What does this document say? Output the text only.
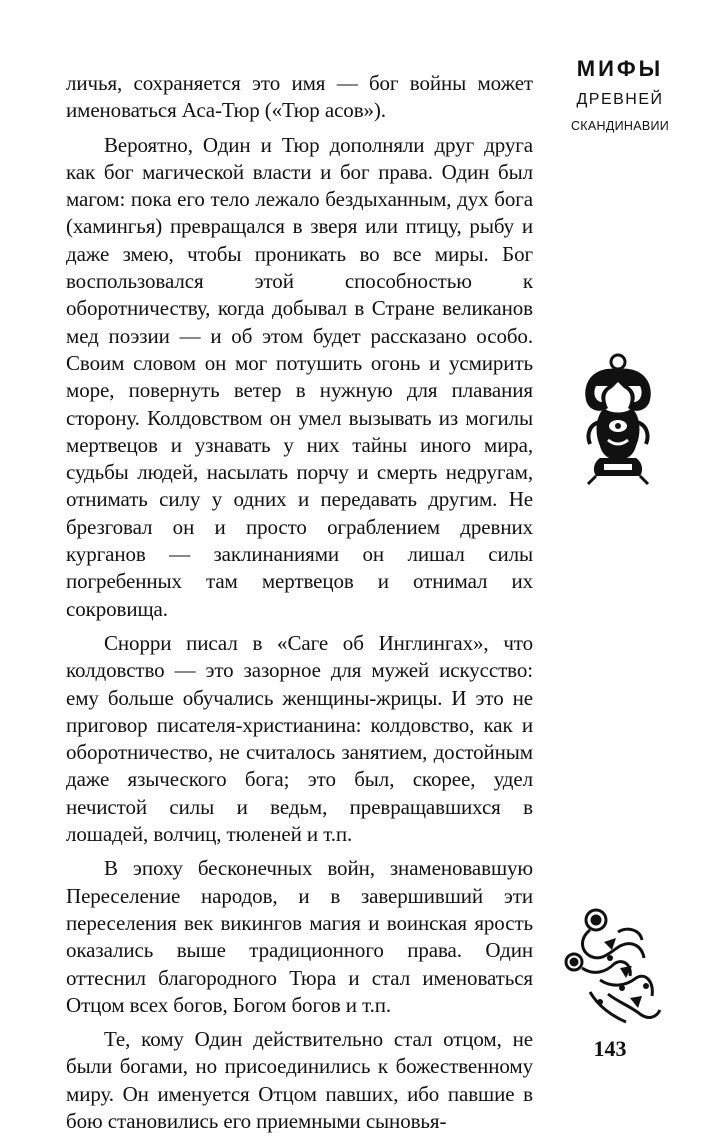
личья, сохраняется это имя — бог войны может именоваться Аса-Тюр («Тюр асов»).

Вероятно, Один и Тюр дополняли друг друга как бог магической власти и бог права. Один был магом: пока его тело лежало бездыханным, дух бога (хамингья) превращался в зверя или птицу, рыбу и даже змею, чтобы проникать во все миры. Бог воспользовался этой способностью к оборотничеству, когда добывал в Стране великанов мед поэзии — и об этом будет рассказано особо. Своим словом он мог потушить огонь и усмирить море, повернуть ветер в нужную для плавания сторону. Колдовством он умел вызывать из могилы мертвецов и узнавать у них тайны иного мира, судьбы людей, насылать порчу и смерть недругам, отнимать силу у одних и передавать другим. Не брезговал он и просто ограблением древних курганов — заклинаниями он лишал силы погребенных там мертвецов и отнимал их сокровища.

Снорри писал в «Саге об Инглингах», что колдовство — это зазорное для мужей искусство: ему больше обучались женщины-жрицы. И это не приговор писателя-христианина: колдовство, как и оборотничество, не считалось занятием, достойным даже языческого бога; это был, скорее, удел нечистой силы и ведьм, превращавшихся в лошадей, волчиц, тюленей и т.п.

В эпоху бесконечных войн, знаменовавшую Переселение народов, и в завершивший эти переселения век викингов магия и воинская ярость оказались выше традиционного права. Один оттеснил благородного Тюра и стал именоваться Отцом всех богов, Богом богов и т.п.

Те, кому Один действительно стал отцом, не были богами, но присоединились к божественному миру. Он именуется Отцом павших, ибо павшие в бою становились его приемными сыновья-

МИФЫ
ДРЕВНЕЙ
СКАНДИНАВИИ
143
